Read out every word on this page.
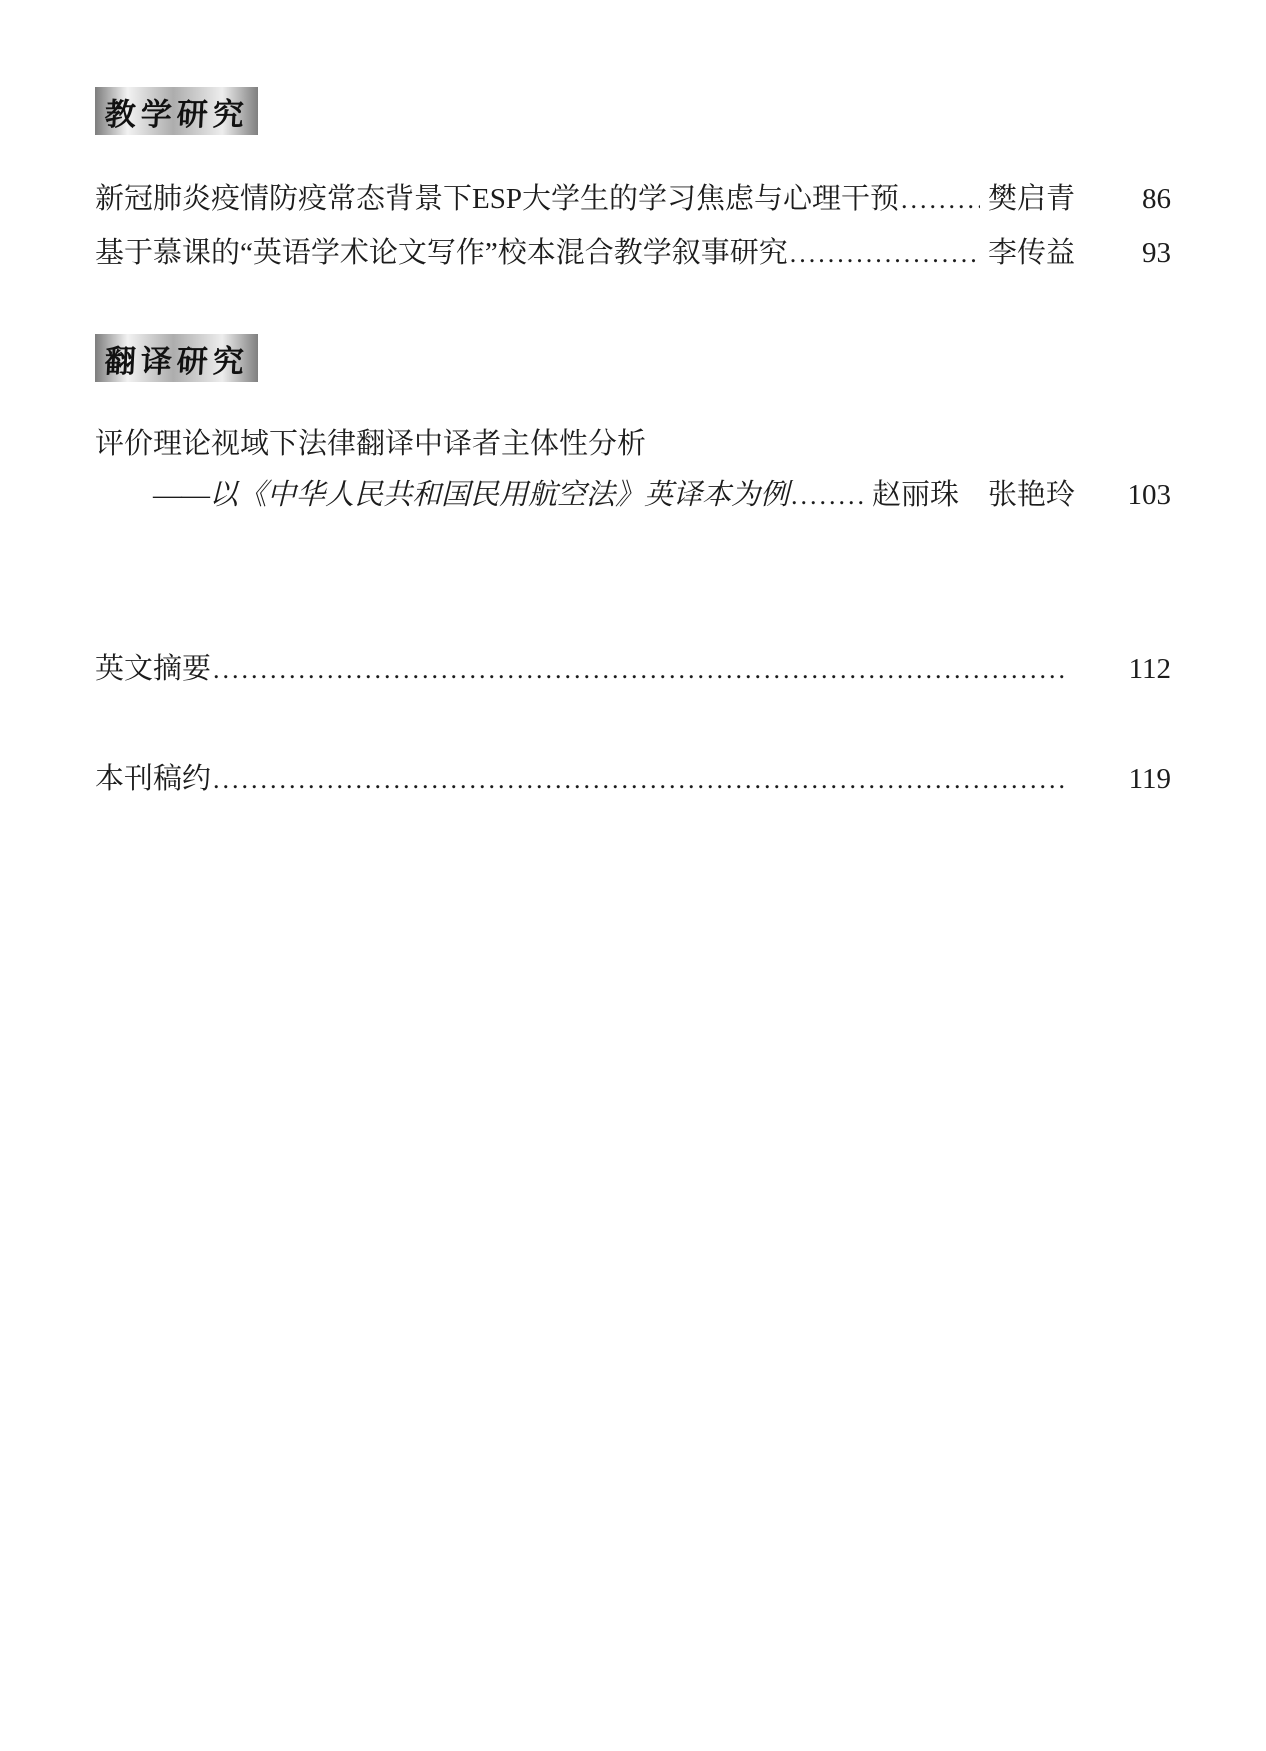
教学研究
新冠肺炎疫情防疫常态背景下ESP大学生的学习焦虑与心理干预 .....	樊启青	86
基于慕课的“英语学术论文写作”校本混合教学叙事研究 .....	李传益	93
翻译研究
评价理论视域下法律翻译中译者主体性分析
—— 以《中华人民共和国民用航空法》英译本为例 .....	赵丽珠　张艳玲	103
英文摘要 .....	112
本刊稿约 .....	119
